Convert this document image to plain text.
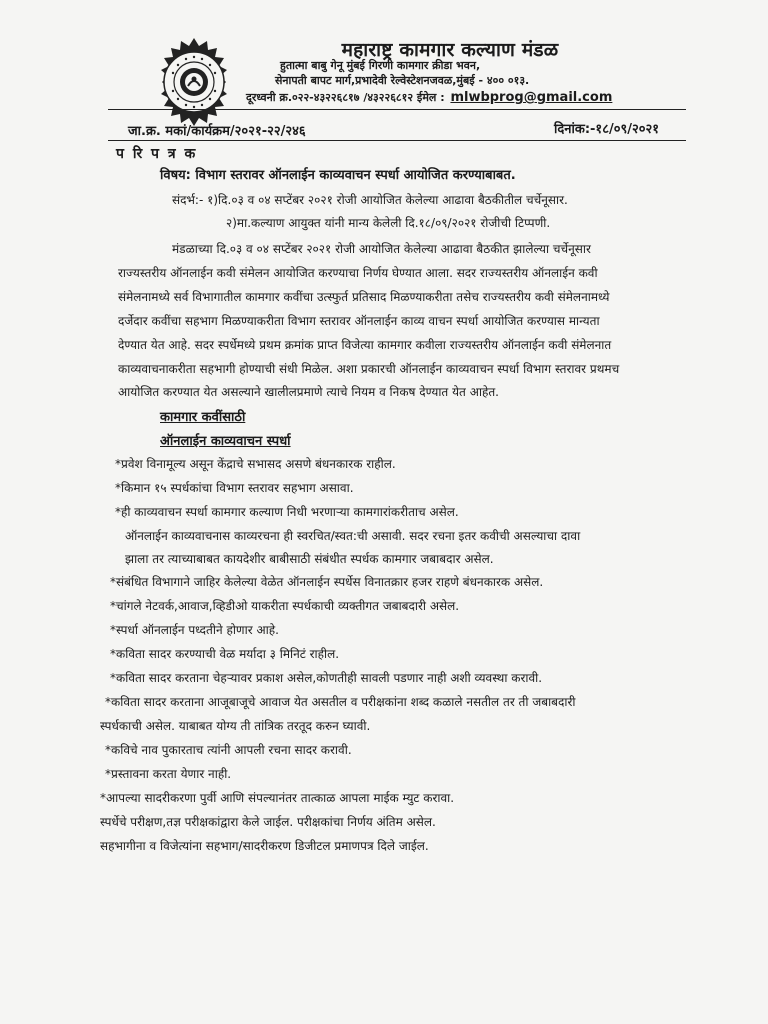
महाराष्ट्र कामगार कल्याण मंडळ
हुतात्मा बाबु गेनू मुंबई गिरणी कामगार क्रीडा भवन,
सेनापती बापट मार्ग,प्रभादेवी रेल्वेस्टेशनजवळ,मुंबई - ४०० ०१३.
दूरध्वनी क्र.०२२-४३२२६८१७ /४३२२६८१२ ईमेल : mlwbprog@gmail.com
जा.क्र. मकां/कार्यक्रम/२०२१-२२/२४६	दिनांक:-१८/०९/२०२१
प रि प त्र क
विषय: विभाग स्तरावर ऑनलाईन काव्यवाचन स्पर्धा आयोजित करण्याबाबत.
संदर्भ:- १)दि.०३ व ०४ सप्टेंबर २०२१ रोजी आयोजित केलेल्या आढावा बैठकीतील चर्चेनूसार.
२)मा.कल्याण आयुक्त यांनी मान्य केलेली दि.१८/०९/२०२१ रोजीची टिप्पणी.
मंडळाच्या दि.०३ व ०४ सप्टेंबर २०२१ रोजी आयोजित केलेल्या आढावा बैठकीत झालेल्या चर्चेनूसार
राज्यस्तरीय ऑनलाईन कवी संमेलन आयोजित करण्याचा निर्णय घेण्यात आला. सदर राज्यस्तरीय ऑनलाईन कवी
संमेलनामध्ये सर्व विभागातील कामगार कवींचा उत्स्फुर्त प्रतिसाद मिळण्याकरीता तसेच राज्यस्तरीय कवी संमेलनामध्ये
दर्जेदार कवींचा सहभाग मिळण्याकरीता विभाग स्तरावर ऑनलाईन काव्य वाचन स्पर्धा आयोजित करण्यास मान्यता
देण्यात येत आहे. सदर स्पर्धेमध्ये प्रथम क्रमांक प्राप्त विजेत्या कामगार कवीला राज्यस्तरीय ऑनलाईन कवी संमेलनात
काव्यवाचनाकरीता सहभागी होण्याची संधी मिळेल. अशा प्रकारची ऑनलाईन काव्यवाचन स्पर्धा विभाग स्तरावर प्रथमच
आयोजित करण्यात येत असल्याने खालीलप्रमाणे त्याचे नियम व निकष देण्यात येत आहेत.
कामगार कवींसाठी
ऑनलाईन काव्यवाचन स्पर्धा
*प्रवेश विनामूल्य असून केंद्राचे सभासद असणे बंधनकारक राहील.
*किमान १५ स्पर्धकांचा विभाग स्तरावर सहभाग असावा.
*ही काव्यवाचन स्पर्धा कामगार कल्याण निधी भरणाऱ्या कामगारांकरीताच असेल.
ऑनलाईन काव्यवाचनास काव्यरचना ही स्वरचित/स्वत:ची असावी. सदर रचना इतर कवीची असल्याचा दावा
झाला तर त्याच्याबाबत कायदेशीर बाबीसाठी संबंधीत स्पर्धक कामगार जबाबदार असेल.
*संबंधित विभागाने जाहिर केलेल्या वेळेत ऑनलाईन स्पर्धेस विनातक्रार हजर राहणे बंधनकारक असेल.
*चांगले नेटवर्क,आवाज,व्हिडीओ याकरीता स्पर्धकाची व्यक्तीगत जबाबदारी असेल.
*स्पर्धा ऑनलाईन पध्दतीने होणार आहे.
*कविता सादर करण्याची वेळ मर्यादा ३ मिनिटं राहील.
*कविता सादर करताना चेहऱ्यावर प्रकाश असेल,कोणतीही सावली पडणार नाही अशी व्यवस्था करावी.
*कविता सादर करताना आजूबाजूचे आवाज येत असतील व परीक्षकांना शब्द कळाले नसतील तर ती जबाबदारी
स्पर्धकाची असेल. याबाबत योग्य ती तांत्रिक तरतूद करुन घ्यावी.
*कविचे नाव पुकारताच त्यांनी आपली रचना सादर करावी.
*प्रस्तावना करता येणार नाही.
*आपल्या सादरीकरणा पुर्वी आणि संपल्यानंतर तात्काळ आपला माईक म्युट करावा.
स्पर्धेचे परीक्षण,तज्ञ परीक्षकांद्वारा केले जाईल. परीक्षकांचा निर्णय अंतिम असेल.
सहभागीना व विजेत्यांना सहभाग/सादरीकरण डिजीटल प्रमाणपत्र दिले जाईल.
